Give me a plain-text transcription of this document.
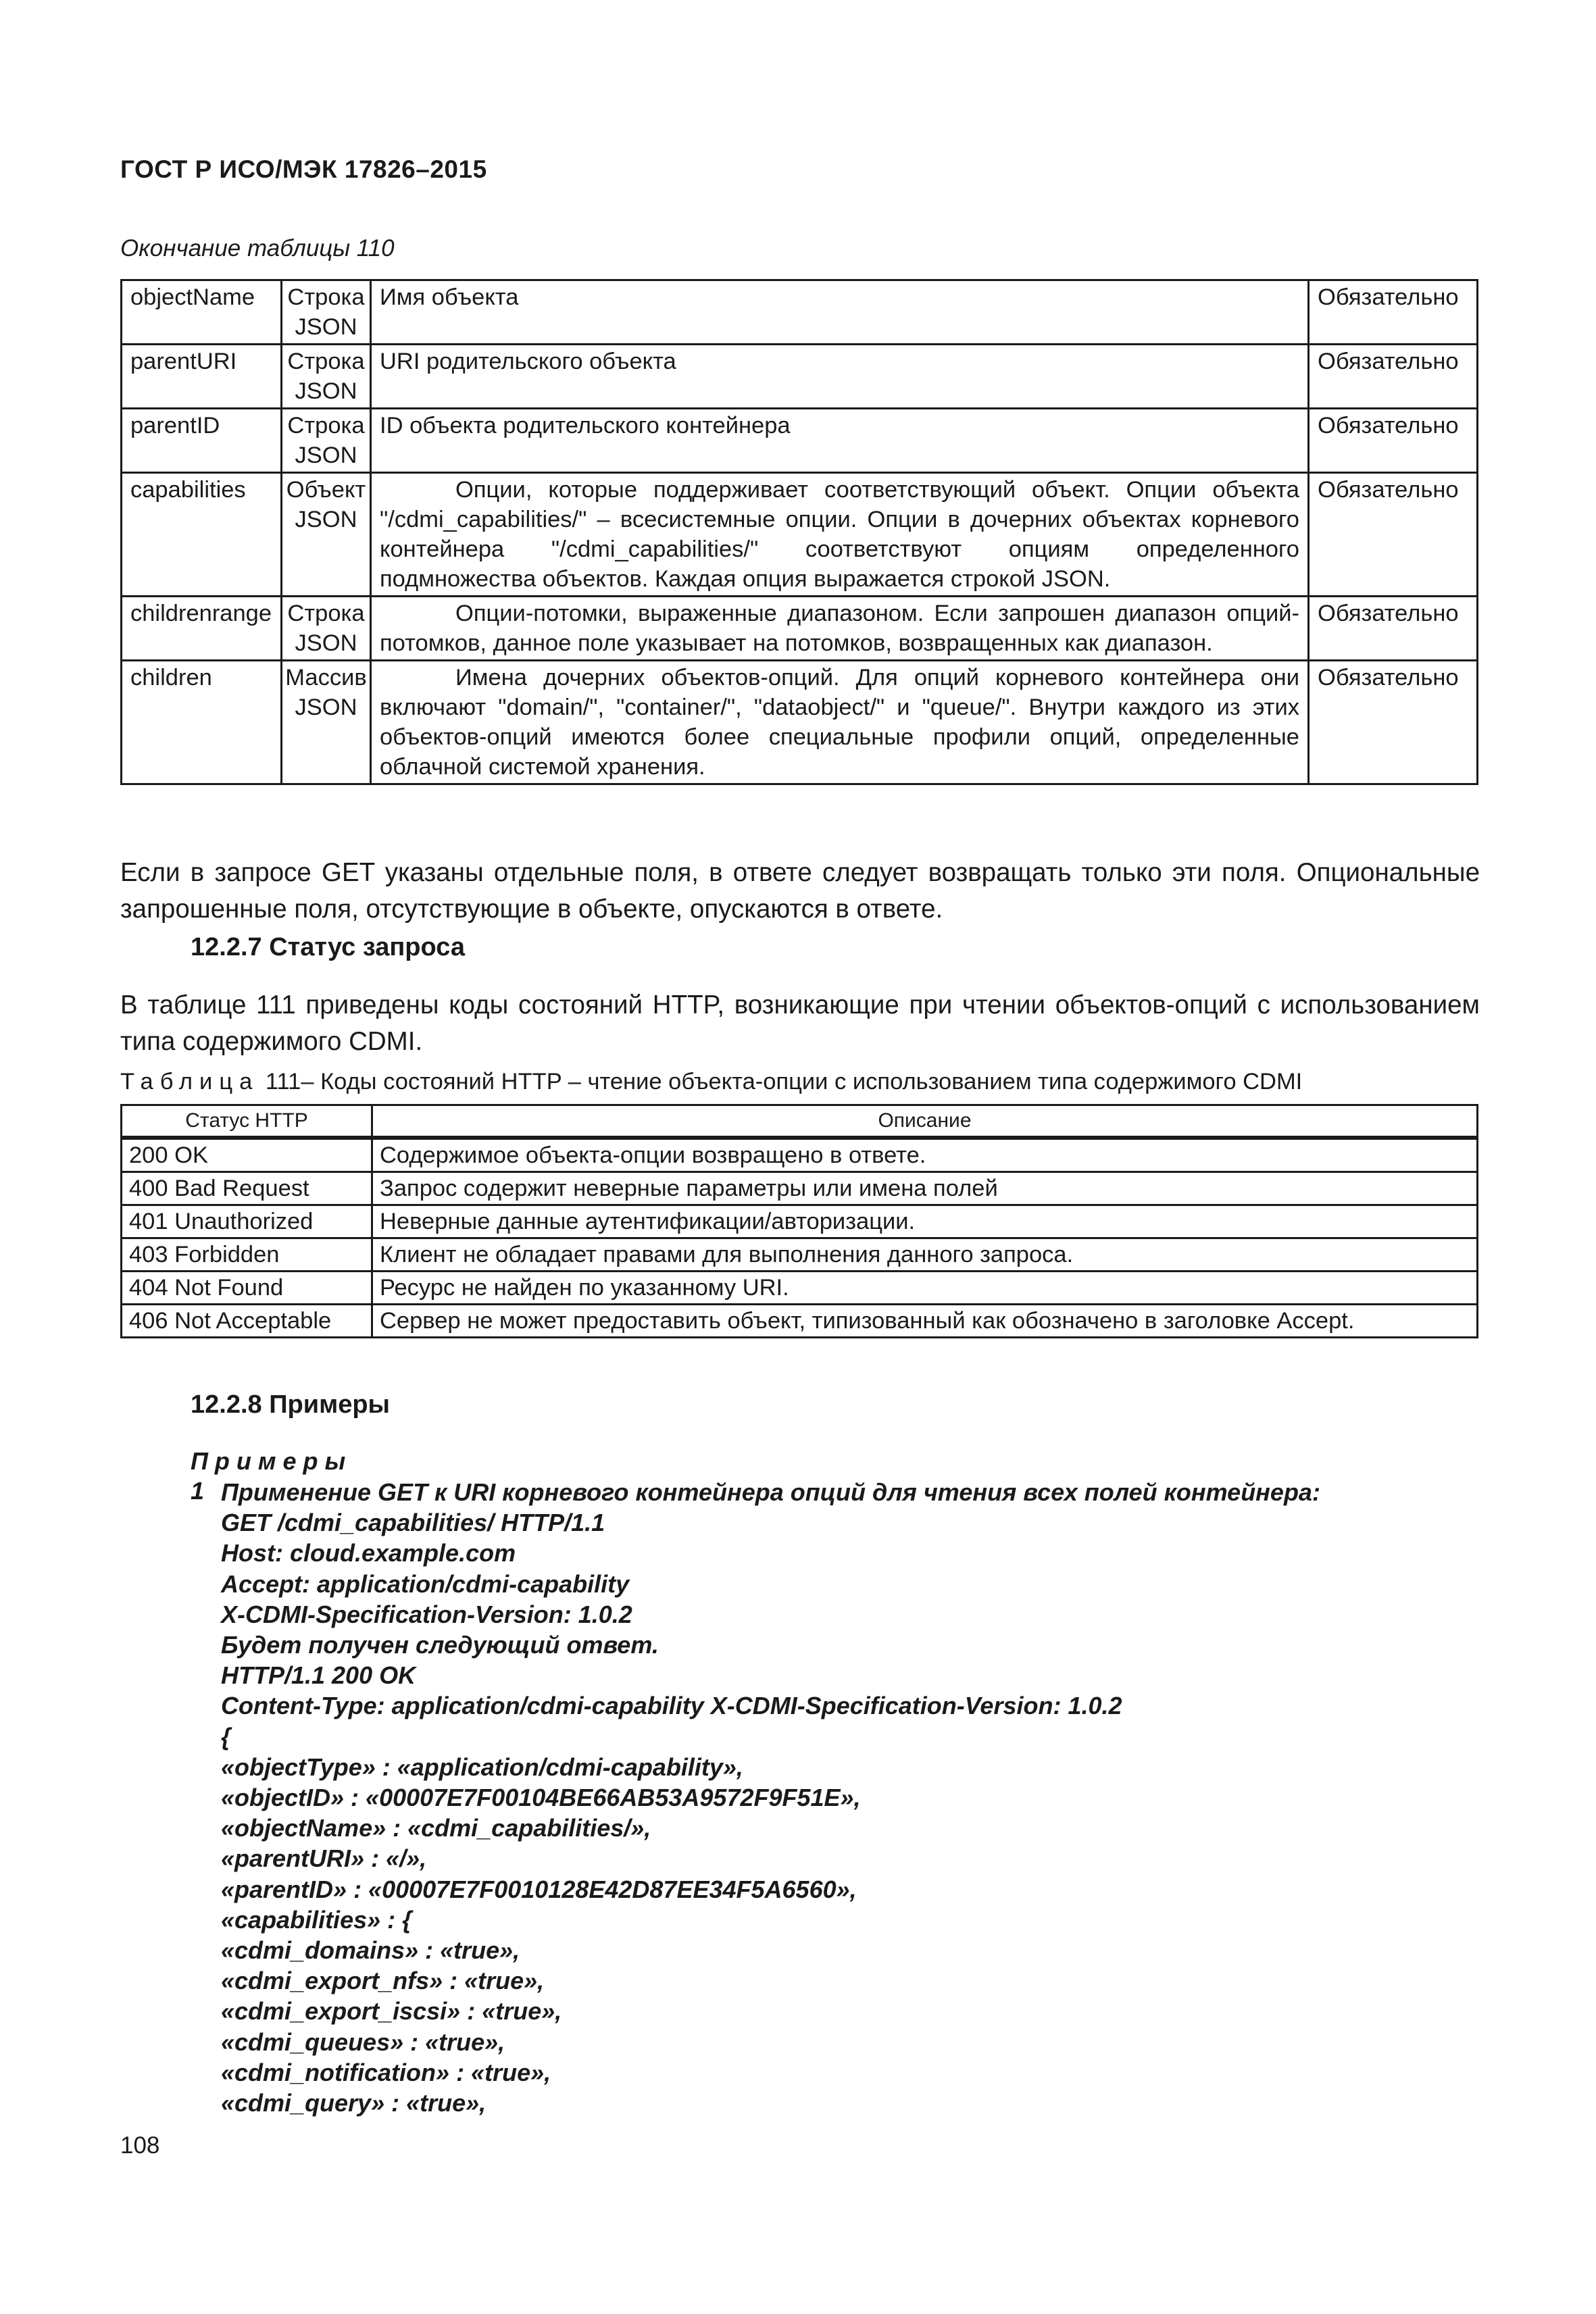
ГОСТ Р ИСО/МЭК 17826–2015
Окончание таблицы 110
objectName	Строка JSON	Имя объекта	Обязательно
parentURI	Строка JSON	URI родительского объекта	Обязательно
parentID	Строка JSON	ID объекта родительского контейнера	Обязательно
capabilities	Объект JSON	Опции, которые поддерживает соответствующий объект. Опции объекта "/cdmi_capabilities/" – всесистемные опции. Опции в дочерних объектах корневого контейнера "/cdmi_capabilities/" соответствуют опциям определенного подмножества объектов. Каждая опция выражается строкой JSON.	Обязательно
childrenrange	Строка JSON	Опции-потомки, выраженные диапазоном. Если запрошен диапазон опций-потомков, данное поле указывает на потомков, возвращенных как диапазон.	Обязательно
children	Массив JSON	Имена дочерних объектов-опций. Для опций корневого контейнера они включают "domain/", "container/", "dataobject/" и "queue/". Внутри каждого из этих объектов-опций имеются более специальные профили опций, определенные облачной системой хранения.	Обязательно
Если в запросе GET указаны отдельные поля, в ответе следует возвращать только эти поля. Опциональные запрошенные поля, отсутствующие в объекте, опускаются в ответе.
12.2.7 Статус запроса
В таблице 111 приведены коды состояний HTTP, возникающие при чтении объектов-опций с использованием типа содержимого CDMI.
Таблица 111– Коды состояний HTTP – чтение объекта-опции с использованием типа содержимого CDMI
Статус HTTP	Описание
200 OK	Содержимое объекта-опции возвращено в ответе.
400 Bad Request	Запрос содержит неверные параметры или имена полей
401 Unauthorized	Неверные данные аутентификации/авторизации.
403 Forbidden	Клиент не обладает правами для выполнения данного запроса.
404 Not Found	Ресурс не найден по указанному URI.
406 Not Acceptable	Сервер не может предоставить объект, типизованный как обозначено в заголовке Accept.
12.2.8 Примеры
Примеры
1 Применение GET к URI корневого контейнера опций для чтения всех полей контейнера:
GET /cdmi_capabilities/ HTTP/1.1
Host: cloud.example.com
Accept: application/cdmi-capability
X-CDMI-Specification-Version: 1.0.2
Будет получен следующий ответ.
HTTP/1.1 200 OK
Content-Type: application/cdmi-capability X-CDMI-Specification-Version: 1.0.2
{
«objectType» : «application/cdmi-capability»,
«objectID» : «00007E7F00104BE66AB53A9572F9F51E»,
«objectName» : «cdmi_capabilities/»,
«parentURI» : «/»,
«parentID» : «00007E7F0010128E42D87EE34F5A6560»,
«capabilities» : {
«cdmi_domains» : «true»,
«cdmi_export_nfs» : «true»,
«cdmi_export_iscsi» : «true»,
«cdmi_queues» : «true»,
«cdmi_notification» : «true»,
«cdmi_query» : «true»,
108
